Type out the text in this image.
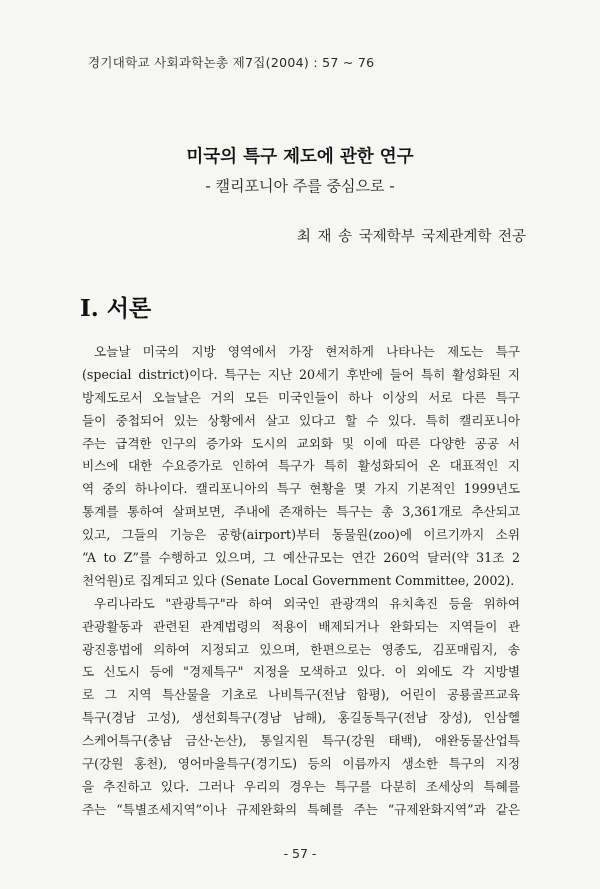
경기대학교 사회과학논총 제7집(2004) : 57 ~ 76
미국의 특구 제도에 관한 연구
- 캘리포니아 주를 중심으로 -
최 재 송 국제학부 국제관계학 전공
I. 서론
오늘날 미국의 지방 영역에서 가장 현저하게 나타나는 제도는 특구
(special district)이다. 특구는 지난 20세기 후반에 들어 특히 활성화된 지
방제도로서 오늘날은 거의 모든 미국인들이 하나 이상의 서로 다른 특구
들이 중첩되어 있는 상황에서 살고 있다고 할 수 있다. 특히 캘리포니아
주는 급격한 인구의 증가와 도시의 교외화 및 이에 따른 다양한 공공 서
비스에 대한 수요증가로 인하여 특구가 특히 활성화되어 온 대표적인 지
역 중의 하나이다. 캘리포니아의 특구 현황을 몇 가지 기본적인 1999년도
통계를 통하여 살펴보면, 주내에 존재하는 특구는 총 3,361개로 추산되고
있고, 그들의 기능은 공항(airport)부터 동물원(zoo)에 이르기까지 소위
“A to Z”를 수행하고 있으며, 그 예산규모는 연간 260억 달러(약 31조 2
천억원)로 집계되고 있다 (Senate Local Government Committee, 2002).
우리나라도 "관광특구"라 하여 외국인 관광객의 유치촉진 등을 위하여
관광활동과 관련된 관계법령의 적용이 배제되거나 완화되는 지역들이 관
광진흥법에 의하여 지정되고 있으며, 한편으로는 영종도, 김포매립지, 송
도 신도시 등에 "경제특구" 지정을 모색하고 있다. 이 외에도 각 지방별
로 그 지역 특산물을 기초로 나비특구(전남 함평), 어린이 공룡골프교육
특구(경남 고성), 생선회특구(경남 남해), 홍길동특구(전남 장성), 인삼헬
스케어특구(충남 금산·논산), 통일지원 특구(강원 태백), 애완동물산업특
구(강원 홍천), 영어마을특구(경기도) 등의 이름까지 생소한 특구의 지정
을 추진하고 있다. 그러나 우리의 경우는 특구를 다분히 조세상의 특혜를
주는 “특별조세지역”이나 규제완화의 특혜를 주는 “규제완화지역”과 같은
- 57 -
